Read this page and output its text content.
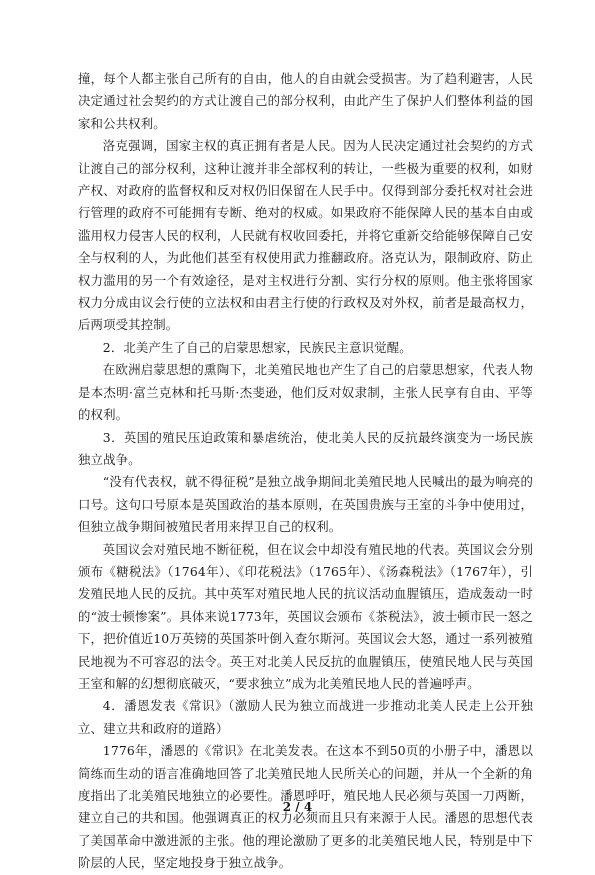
撞，每个人都主张自己所有的自由，他人的自由就会受损害。为了趋利避害，人民决定通过社会契约的方式让渡自己的部分权利，由此产生了保护人们整体利益的国家和公共权利。

洛克强调，国家主权的真正拥有者是人民。因为人民决定通过社会契约的方式让渡自己的部分权利，这种让渡并非全部权利的转让，一些极为重要的权利，如财产权、对政府的监督权和反对权仍旧保留在人民手中。仅得到部分委托权对社会进行管理的政府不可能拥有专断、绝对的权威。如果政府不能保障人民的基本自由或滥用权力侵害人民的权利，人民就有权收回委托，并将它重新交给能够保障自己安全与权利的人，为此他们甚至有权使用武力推翻政府。洛克认为，限制政府、防止权力滥用的另一个有效途径，是对主权进行分割、实行分权的原则。他主张将国家权力分成由议会行使的立法权和由君主行使的行政权及对外权，前者是最高权力，后两项受其控制。

2．北美产生了自己的启蒙思想家，民族民主意识觉醒。

在欧洲启蒙思想的熏陶下，北美殖民地也产生了自己的启蒙思想家，代表人物是本杰明·富兰克林和托马斯·杰斐逊，他们反对奴隶制，主张人民享有自由、平等的权利。

3．英国的殖民压迫政策和暴虐统治，使北美人民的反抗最终演变为一场民族独立战争。

“没有代表权，就不得征税”是独立战争期间北美殖民地人民喊出的最为响亮的口号。这句口号原本是英国政治的基本原则，在英国贵族与王室的斗争中使用过，但独立战争期间被殖民者用来捍卫自己的权利。

英国议会对殖民地不断征税，但在议会中却没有殖民地的代表。英国议会分别颁布《糖税法》（1764年）、《印花税法》（1765年）、《汤森税法》（1767年），引发殖民地人民的反抗。其中英军对殖民地人民的抗议活动血腥镇压，造成轰动一时的“波士顿惨案”。具体来说1773年，英国议会颁布《茶税法》，波士顿市民一怒之下，把价值近10万英镑的英国茶叶倒入查尔斯河。英国议会大怒，通过一系列被殖民地视为不可容忍的法令。英王对北美人民反抗的血腥镇压，使殖民地人民与英国王室和解的幻想彻底破灭，“要求独立”成为北美殖民地人民的普遍呼声。

4．潘恩发表《常识》（激励人民为独立而战进一步推动北美人民走上公开独立、建立共和政府的道路）

1776年，潘恩的《常识》在北美发表。在这本不到50页的小册子中，潘恩以简练而生动的语言准确地回答了北美殖民地人民所关心的问题，并从一个全新的角度指出了北美殖民地独立的必要性。潘恩呼吁，殖民地人民必须与英国一刀两断，建立自己的共和国。他强调真正的权力必须而且只有来源于人民。潘恩的思想代表了美国革命中激进派的主张。他的理论激励了更多的北美殖民地人民，特别是中下阶层的人民，坚定地投身于独立战争。

2 / 4
